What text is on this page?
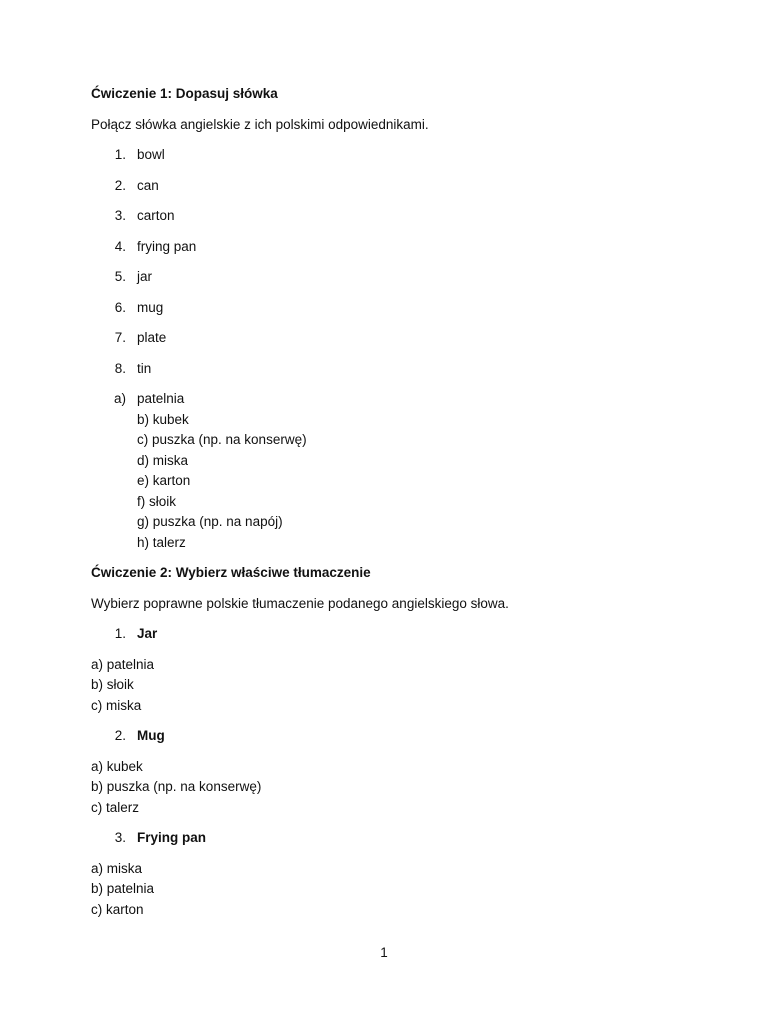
Ćwiczenie 1: Dopasuj słówka

Połącz słówka angielskie z ich polskimi odpowiednikami.

1. bowl
2. can
3. carton
4. frying pan
5. jar
6. mug
7. plate
8. tin
a) patelnia
b) kubek
c) puszka (np. na konserwę)
d) miska
e) karton
f) słoik
g) puszka (np. na napój)
h) talerz

Ćwiczenie 2: Wybierz właściwe tłumaczenie

Wybierz poprawne polskie tłumaczenie podanego angielskiego słowa.

1. Jar
a) patelnia
b) słoik
c) miska
2. Mug
a) kubek
b) puszka (np. na konserwę)
c) talerz
3. Frying pan
a) miska
b) patelnia
c) karton
1
